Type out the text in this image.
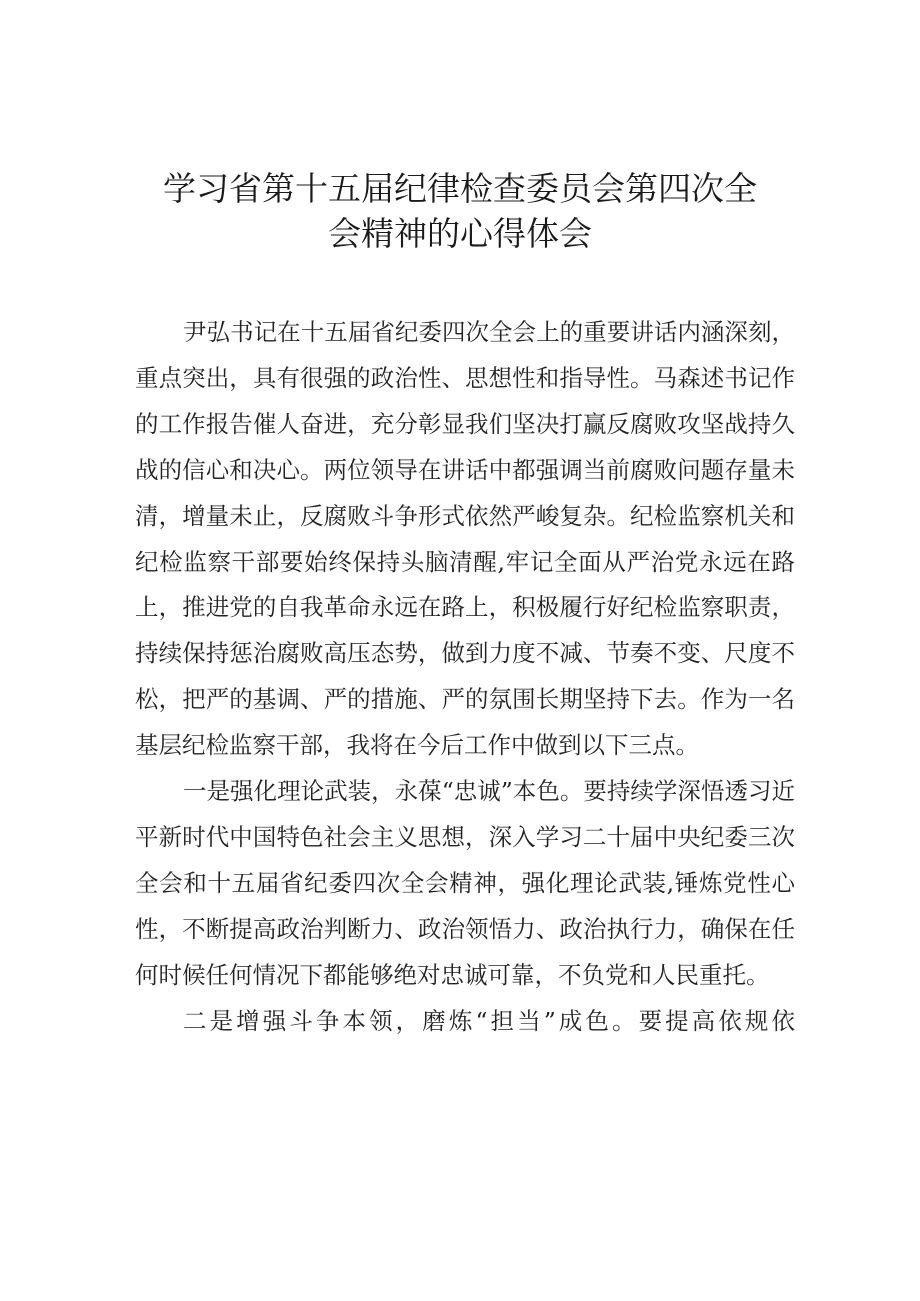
学习省第十五届纪律检查委员会第四次全
会精神的心得体会

尹弘书记在十五届省纪委四次全会上的重要讲话内涵深刻，重点突出，具有很强的政治性、思想性和指导性。马森述书记作的工作报告催人奋进，充分彰显我们坚决打赢反腐败攻坚战持久战的信心和决心。两位领导在讲话中都强调当前腐败问题存量未清，增量未止，反腐败斗争形式依然严峻复杂。纪检监察机关和纪检监察干部要始终保持头脑清醒,牢记全面从严治党永远在路上，推进党的自我革命永远在路上，积极履行好纪检监察职责，持续保持惩治腐败高压态势，做到力度不减、节奏不变、尺度不松，把严的基调、严的措施、严的氛围长期坚持下去。作为一名基层纪检监察干部，我将在今后工作中做到以下三点。

一是强化理论武装，永葆“忠诚”本色。要持续学深悟透习近平新时代中国特色社会主义思想，深入学习二十届中央纪委三次全会和十五届省纪委四次全会精神，强化理论武装,锤炼党性心性，不断提高政治判断力、政治领悟力、政治执行力，确保在任何时候任何情况下都能够绝对忠诚可靠，不负党和人民重托。

二是增强斗争本领，磨炼“担当”成色。要提高依规依
